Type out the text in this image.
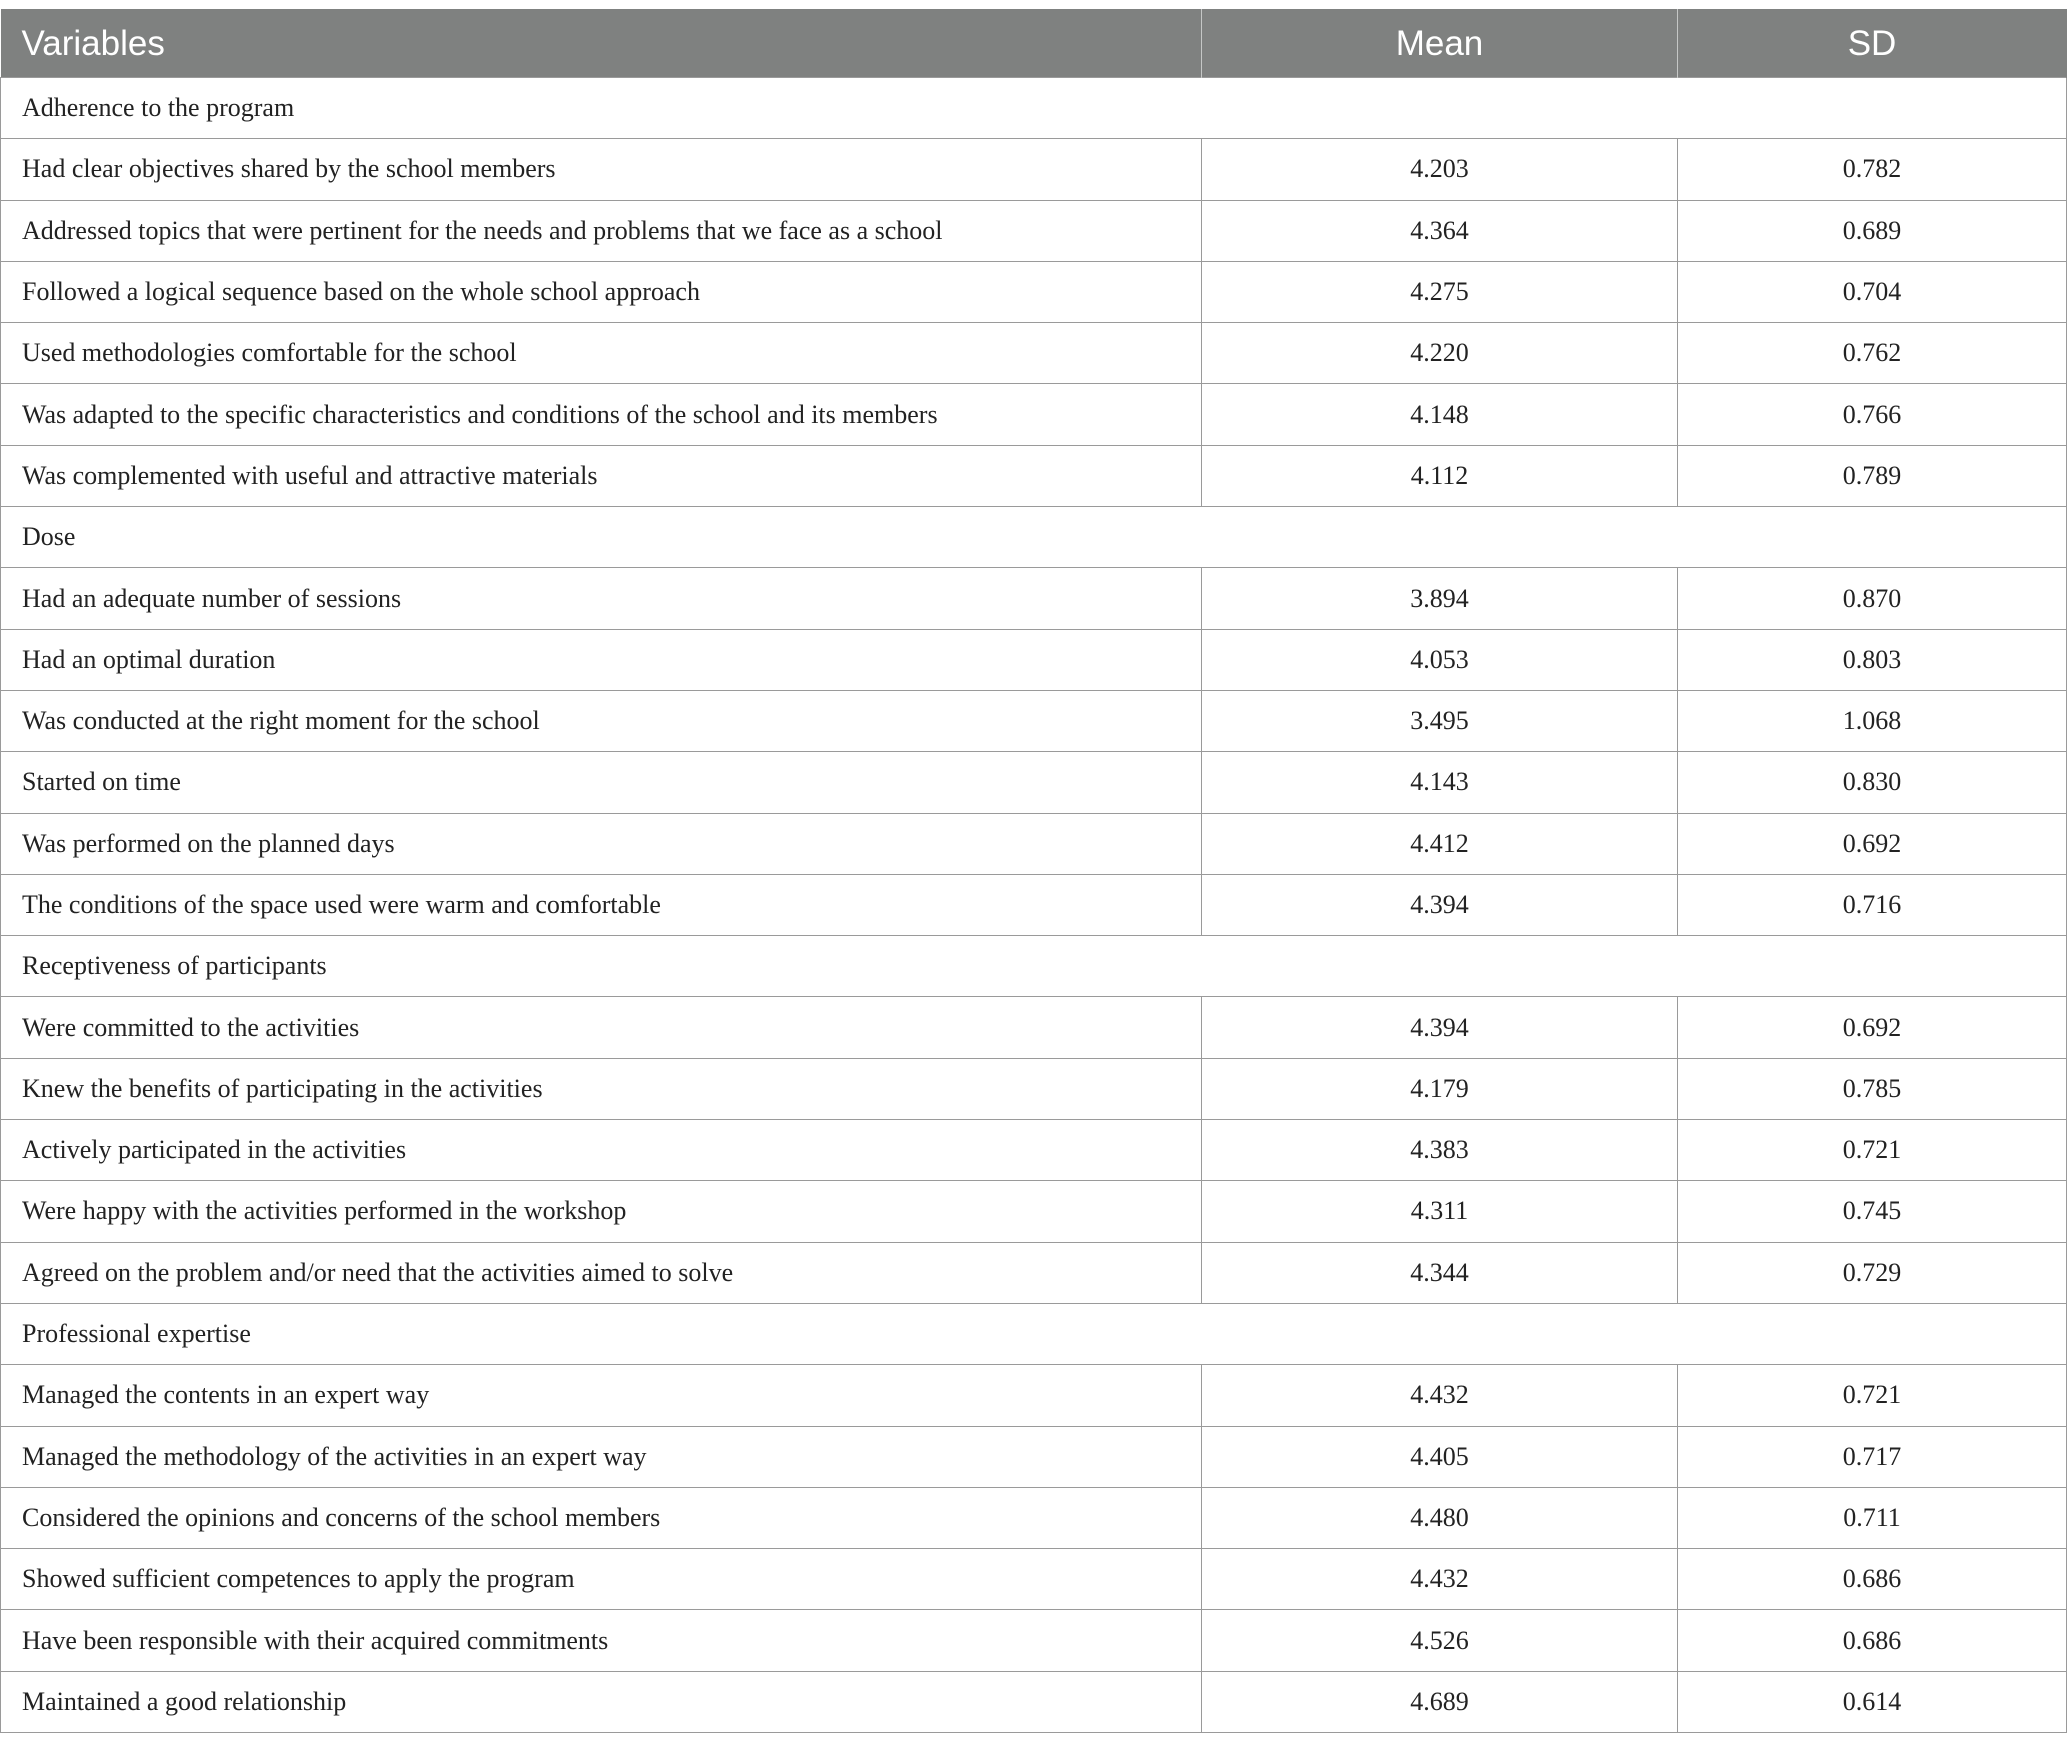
Variables	Mean	SD
Adherence to the program		
Had clear objectives shared by the school members	4.203	0.782
Addressed topics that were pertinent for the needs and problems that we face as a school	4.364	0.689
Followed a logical sequence based on the whole school approach	4.275	0.704
Used methodologies comfortable for the school	4.220	0.762
Was adapted to the specific characteristics and conditions of the school and its members	4.148	0.766
Was complemented with useful and attractive materials	4.112	0.789
Dose		
Had an adequate number of sessions	3.894	0.870
Had an optimal duration	4.053	0.803
Was conducted at the right moment for the school	3.495	1.068
Started on time	4.143	0.830
Was performed on the planned days	4.412	0.692
The conditions of the space used were warm and comfortable	4.394	0.716
Receptiveness of participants		
Were committed to the activities	4.394	0.692
Knew the benefits of participating in the activities	4.179	0.785
Actively participated in the activities	4.383	0.721
Were happy with the activities performed in the workshop	4.311	0.745
Agreed on the problem and/or need that the activities aimed to solve	4.344	0.729
Professional expertise		
Managed the contents in an expert way	4.432	0.721
Managed the methodology of the activities in an expert way	4.405	0.717
Considered the opinions and concerns of the school members	4.480	0.711
Showed sufficient competences to apply the program	4.432	0.686
Have been responsible with their acquired commitments	4.526	0.686
Maintained a good relationship	4.689	0.614
